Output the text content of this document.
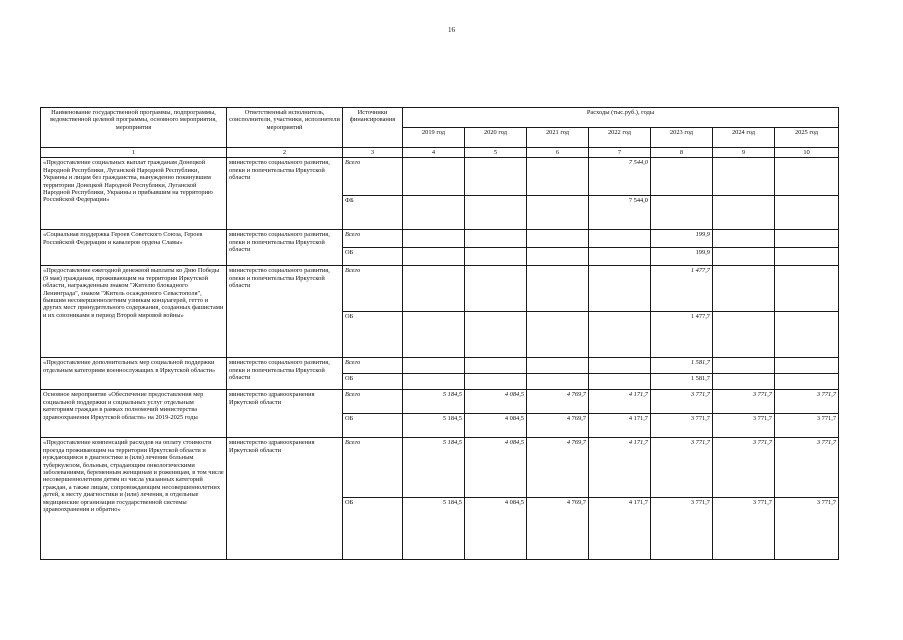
16
Наименование государственной программы, подпрограммы, ведомственной целевой программы, основного мероприятия, мероприятия	Ответственный исполнитель, соисполнители, участники, исполнители мероприятий	Источники финансирования	Расходы (тыс.руб.), годы						
			2019 год	2020 год	2021 год	2022 год	2023 год	2024 год	2025 год
1	2	3	4	5	6	7	8	9	10
«Предоставление социальных выплат гражданам Донецкой Народной Республики, Луганской Народной Республики, Украины и лицам без гражданства, вынужденно покинувшим территории Донецкой Народной Республики, Луганской Народной Республики, Украины и прибывшим на территорию Российской Федерации»	министерство социального развития, опеки и попечительства Иркутской области	Всего				7 544,0			
		ФБ				7 544,0			
«Социальная поддержка Героев Советского Союза, Героев Российской Федерации и кавалеров ордена Славы»	министерство социального развития, опеки и попечительства Иркутской области	Всего					199,9		
		ОБ					199,9		
«Предоставление ежегодной денежной выплаты ко Дню Победы (9 мая) гражданам, проживающим на территории Иркутской области, награжденным знаком "Жителю блокадного Ленинграда", знаком "Житель осажденного Севастополя", бывшим несовершеннолетним узникам концлагерей, гетто и других мест принудительного содержания, созданных фашистами и их союзниками в период Второй мировой войны»	министерство социального развития, опеки и попечительства Иркутской области	Всего					1 477,7		
		ОБ					1 477,7		
«Предоставление дополнительных мер социальной поддержки отдельным категориям военнослужащих в Иркутской области»	министерство социального развития, опеки и попечительства Иркутской области	Всего					1 581,7		
		ОБ					1 581,7		
Основное мероприятие «Обеспечение предоставления мер социальной поддержки и социальных услуг отдельным категориям граждан в рамках полномочий министерства здравоохранения Иркутской области» на 2019-2025 годы	министерство здравоохранения Иркутской области	Всего	5 184,5	4 084,5	4 769,7	4 171,7	3 771,7	3 771,7	3 771,7
		ОБ	5 184,5	4 084,5	4 769,7	4 171,7	3 771,7	3 771,7	3 771,7
«Предоставление компенсаций расходов на оплату стоимости проезда проживающим на территории Иркутской области и нуждающимся в диагностике и (или) лечении больным туберкулезом, больным, страдающим онкологическими заболеваниями, беременным женщинам и роженицам, в том числе несовершеннолетним детям из числа указанных категорий граждан, а также лицам, сопровождающим несовершеннолетних детей, к месту диагностики и (или) лечения, в отдельные медицинские организации государственной системы здравоохранения и обратно»	министерство здравоохранения Иркутской области	Всего	5 184,5	4 084,5	4 769,7	4 171,7	3 771,7	3 771,7	3 771,7
		ОБ	5 184,5	4 084,5	4 769,7	4 171,7	3 771,7	3 771,7	3 771,7
